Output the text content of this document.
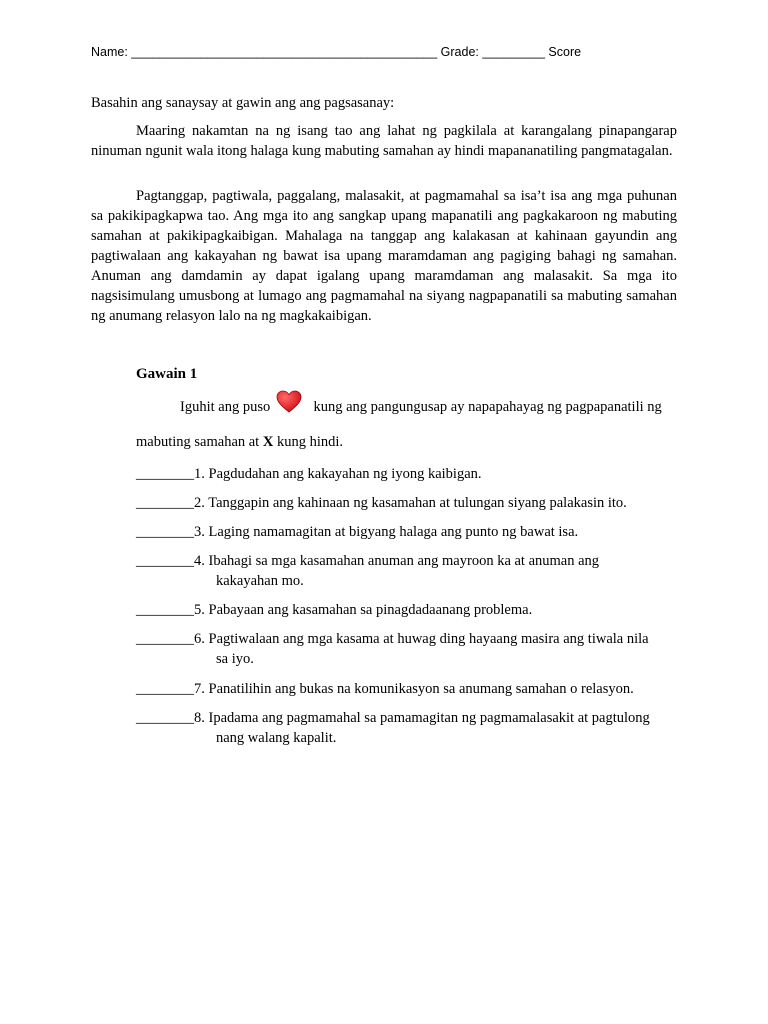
Name: ____________________________________________ Grade: _________ Score
Basahin ang sanaysay at gawin ang ang pagsasanay:
Maaring nakamtan na ng isang tao ang lahat ng pagkilala at karangalang pinapangarap ninuman ngunit wala itong halaga kung mabuting samahan ay hindi mapananatiling pangmatagalan.
Pagtanggap, pagtiwala, paggalang, malasakit, at pagmamahal sa isa’t isa ang mga puhunan sa pakikipagkapwa tao. Ang mga ito ang sangkap upang mapanatili ang pagkakaroon ng mabuting samahan at pakikipagkaibigan. Mahalaga na tanggap ang kalakasan at kahinaan gayundin ang pagtiwalaan ang kakayahan ng bawat isa upang maramdaman ang pagiging bahagi ng samahan. Anuman ang damdamin ay dapat igalang upang maramdaman ang malasakit. Sa mga ito nagsisimulang umusbong at lumago ang pagmamahal na siyang nagpapanatili sa mabuting samahan ng anumang relasyon lalo na ng magkakaibigan.
Gawain 1
Iguhit ang puso	kung ang pangungusap ay napapahayag ng pagpapanatili ng
mabuting samahan at X kung hindi.
________ 1. Pagdudahan ang kakayahan ng iyong kaibigan.
________ 2. Tanggapin ang kahinaan ng kasamahan at tulungan siyang palakasin ito.
________ 3. Laging namamagitan at bigyang halaga ang punto ng bawat isa.
________ 4. Ibahagi sa mga kasamahan anuman ang mayroon ka at anuman ang
kakayahan mo.
________ 5. Pabayaan ang kasamahan sa pinagdadaanang problema.
________ 6. Pagtiwalaan ang mga kasama at huwag ding hayaang masira ang tiwala nila
sa iyo.
________ 7. Panatilihin ang bukas na komunikasyon sa anumang samahan o relasyon.
________ 8. Ipadama ang pagmamahal sa pamamagitan ng pagmamalasakit at pagtulong
nang walang kapalit.
